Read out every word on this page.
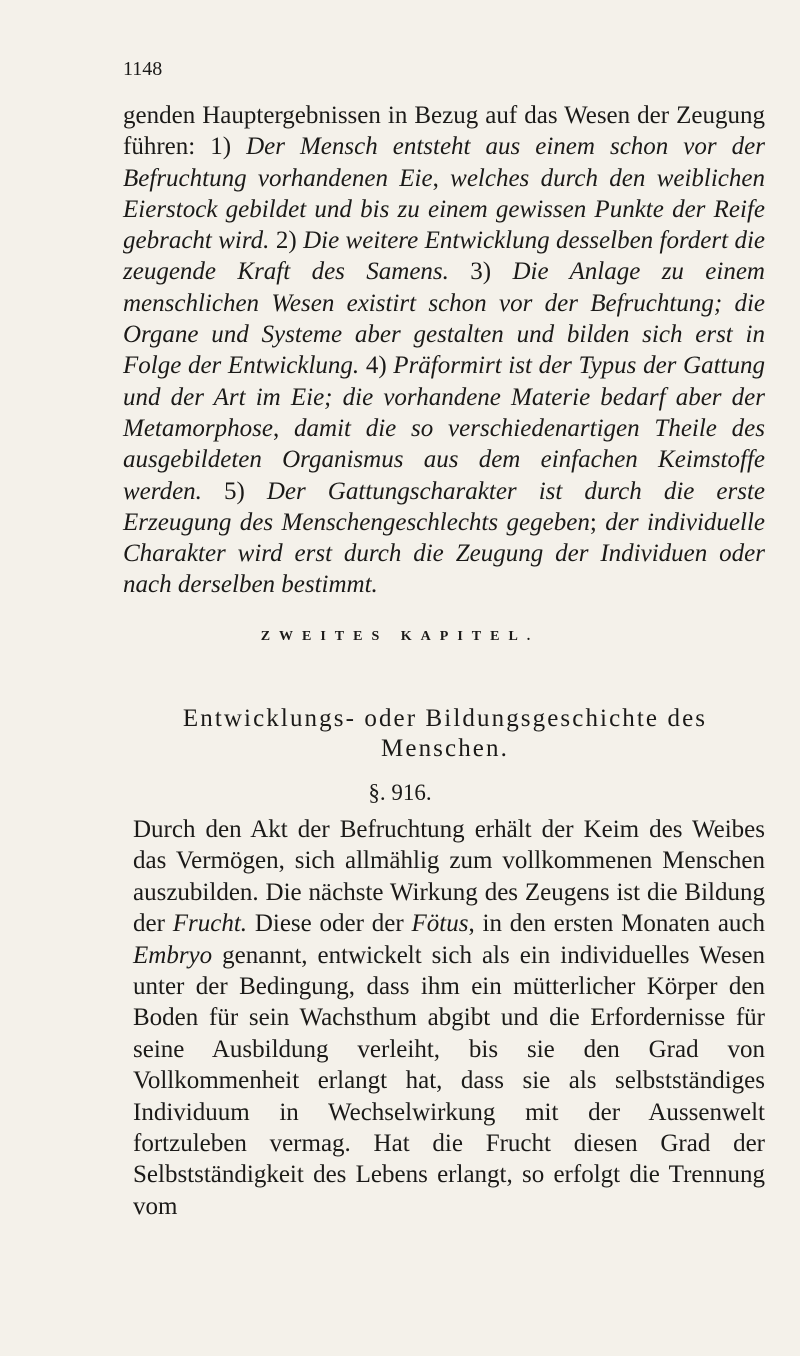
1148

genden Hauptergebnissen in Bezug auf das Wesen der Zeugung führen: 1) Der Mensch entsteht aus einem schon vor der Befruchtung vorhandenen Eie, welches durch den weiblichen Eierstock gebildet und bis zu einem gewissen Punkte der Reife gebracht wird. 2) Die weitere Entwicklung desselben fordert die zeugende Kraft des Samens. 3) Die Anlage zu einem menschlichen Wesen existirt schon vor der Befruchtung; die Organe und Systeme aber gestalten und bilden sich erst in Folge der Entwicklung. 4) Präformirt ist der Typus der Gattung und der Art im Eie; die vorhandene Materie bedarf aber der Metamorphose, damit die so verschiedenartigen Theile des ausgebildeten Organismus aus dem einfachen Keimstoffe werden. 5) Der Gattungscharakter ist durch die erste Erzeugung des Menschengeschlechts gegeben; der individuelle Charakter wird erst durch die Zeugung der Individuen oder nach derselben bestimmt.

ZWEITES KAPITEL.
Entwicklungs- oder Bildungsgeschichte des Menschen.
§. 916.

Durch den Akt der Befruchtung erhält der Keim des Weibes das Vermögen, sich allmählig zum vollkommenen Menschen auszubilden. Die nächste Wirkung des Zeugens ist die Bildung der Frucht. Diese oder der Fötus, in den ersten Monaten auch Embryo genannt, entwickelt sich als ein individuelles Wesen unter der Bedingung, dass ihm ein mütterlicher Körper den Boden für sein Wachsthum abgibt und die Erfordernisse für seine Ausbildung verleiht, bis sie den Grad von Vollkommenheit erlangt hat, dass sie als selbstständiges Individuum in Wechselwirkung mit der Aussenwelt fortzuleben vermag. Hat die Frucht diesen Grad der Selbstständigkeit des Lebens erlangt, so erfolgt die Trennung vom
